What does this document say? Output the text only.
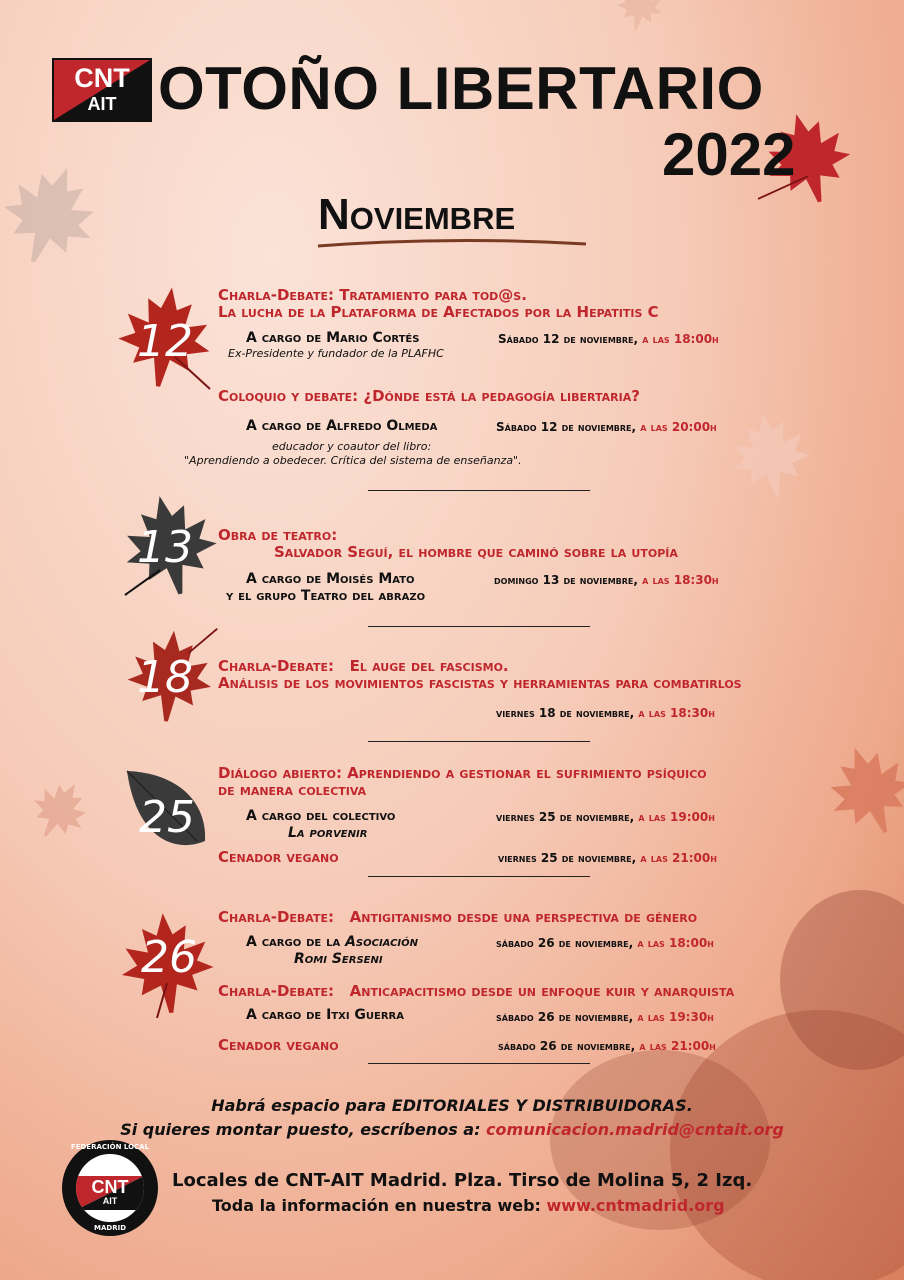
CNT
AIT OTOÑO LIBERTARIO
2022
Noviembre
12
Charla-Debate: Tratamiento para tod@s.
La lucha de la Plataforma de Afectados por la Hepatitis C
A cargo de Mario Cortés
Ex-Presidente y fundador de la PLAFHC
Sábado 12 de noviembre, a las 18:00h
Coloquio y debate: ¿Dónde está la pedagogía libertaria?
A cargo de Alfredo Olmeda	Sábado 12 de noviembre, a las 20:00h
educador y coautor del libro:
"Aprendiendo a obedecer. Crítica del sistema de enseñanza".
13	Obra de teatro:
Salvador Seguí, el hombre que caminó sobre la utopía
A cargo de Moisés Mato
y el grupo Teatro del abrazo
domingo 13 de noviembre, a las 18:30h
18	Charla-Debate:   El auge del fascismo.
Análisis de los movimientos fascistas y herramientas para combatirlos
viernes 18 de noviembre, a las 18:30h
25
Diálogo abierto: Aprendiendo a gestionar el sufrimiento psíquico
de manera colectiva
A cargo del colectivo
La porvenir
viernes 25 de noviembre, a las 19:00h
Cenador vegano	viernes 25 de noviembre, a las 21:00h
26
Charla-Debate:   Antigitanismo desde una perspectiva de género
A cargo de la Asociación
Romi Serseni
sábado 26 de noviembre, a las 18:00h
Charla-Debate:   Anticapacitismo desde un enfoque kuir y anarquista
A cargo de Itxi Guerra	sábado 26 de noviembre, a las 19:30h
Cenador vegano	sábado 26 de noviembre, a las 21:00h
Habrá espacio para EDITORIALES Y DISTRIBUIDORAS.
Si quieres montar puesto, escríbenos a: comunicacion.madrid@cntait.org
CNT
AIT
FEDERACIÓN LOCAL
MADRID
Locales de CNT-AIT Madrid. Plza. Tirso de Molina 5, 2 Izq.
Toda la información en nuestra web: www.cntmadrid.org
